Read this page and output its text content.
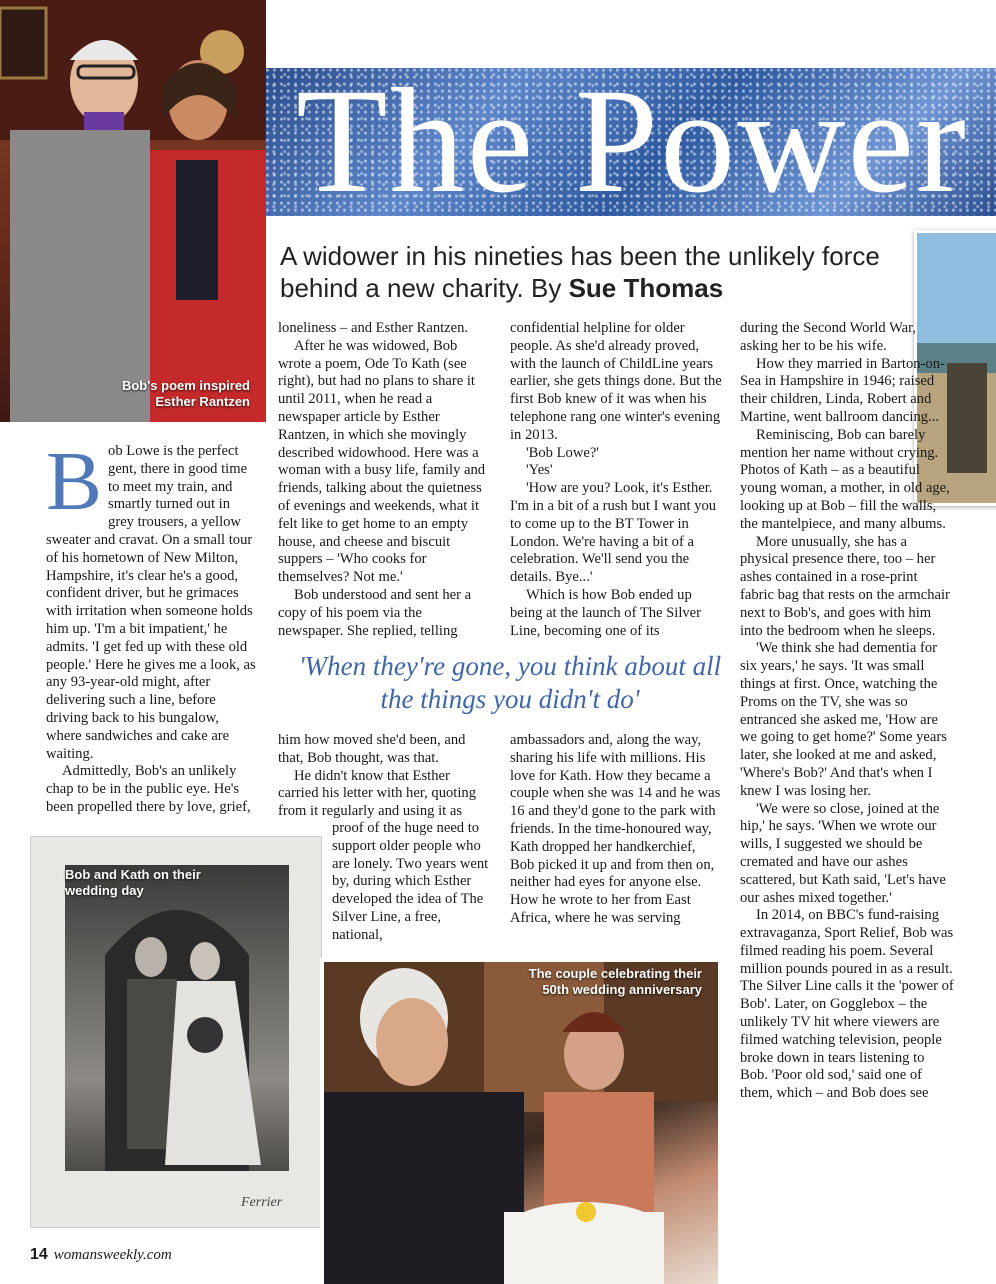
Bob's poem inspired Esther Rantzen
The Power
A widower in his nineties has been the unlikely force behind a new charity. By Sue Thomas

Bob Lowe is the perfect gent, there in good time to meet my train, and smartly turned out in grey trousers, a yellow sweater and cravat. On a small tour of his hometown of New Milton, Hampshire, it's clear he's a good, confident driver, but he grimaces with irritation when someone holds him up. 'I'm a bit impatient,' he admits. 'I get fed up with these old people.' Here he gives me a look, as any 93-year-old might, after delivering such a line, before driving back to his bungalow, where sandwiches and cake are waiting.

Admittedly, Bob's an unlikely chap to be in the public eye. He's been propelled there by love, grief,

loneliness – and Esther Rantzen.

After he was widowed, Bob wrote a poem, Ode To Kath (see right), but had no plans to share it until 2011, when he read a newspaper article by Esther Rantzen, in which she movingly described widowhood. Here was a woman with a busy life, family and friends, talking about the quietness of evenings and weekends, what it felt like to get home to an empty house, and cheese and biscuit suppers – 'Who cooks for themselves? Not me.'

Bob understood and sent her a copy of his poem via the newspaper. She replied, telling

confidential helpline for older people. As she'd already proved, with the launch of ChildLine years earlier, she gets things done. But the first Bob knew of it was when his telephone rang one winter's evening in 2013.

'Bob Lowe?'

'Yes'

'How are you? Look, it's Esther. I'm in a bit of a rush but I want you to come up to the BT Tower in London. We're having a bit of a celebration. We'll send you the details. Bye...'

Which is how Bob ended up being at the launch of The Silver Line, becoming one of its

'When they're gone, you think about all the things you didn't do'

him how moved she'd been, and that, Bob thought, was that.

He didn't know that Esther carried his letter with her, quoting from it regularly and using it as

proof of the huge need to support older people who are lonely. Two years went by, during which Esther developed the idea of The Silver Line, a free, national,

ambassadors and, along the way, sharing his life with millions. His love for Kath. How they became a couple when she was 14 and he was 16 and they'd gone to the park with friends. In the time-honoured way, Kath dropped her handkerchief, Bob picked it up and from then on, neither had eyes for anyone else. How he wrote to her from East Africa, where he was serving

during the Second World War, asking her to be his wife.

How they married in Barton-on-Sea in Hampshire in 1946; raised their children, Linda, Robert and Martine, went ballroom dancing...

Reminiscing, Bob can barely mention her name without crying. Photos of Kath – as a beautiful young woman, a mother, in old age, looking up at Bob – fill the walls, the mantelpiece, and many albums.

More unusually, she has a physical presence there, too – her ashes contained in a rose-print fabric bag that rests on the armchair next to Bob's, and goes with him into the bedroom when he sleeps.

'We think she had dementia for six years,' he says. 'It was small things at first. Once, watching the Proms on the TV, she was so entranced she asked me, 'How are we going to get home?' Some years later, she looked at me and asked, 'Where's Bob?' And that's when I knew I was losing her.

'We were so close, joined at the hip,' he says. 'When we wrote our wills, I suggested we should be cremated and have our ashes scattered, but Kath said, 'Let's have our ashes mixed together.'

In 2014, on BBC's fund-raising extravaganza, Sport Relief, Bob was filmed reading his poem. Several million pounds poured in as a result. The Silver Line calls it the 'power of Bob'. Later, on Gogglebox – the unlikely TV hit where viewers are filmed watching television, people broke down in tears listening to Bob. 'Poor old sod,' said one of them, which – and Bob does see

Bob and Kath on their wedding day
Ferrier
The couple celebrating their 50th wedding anniversary
14 womansweekly.com
